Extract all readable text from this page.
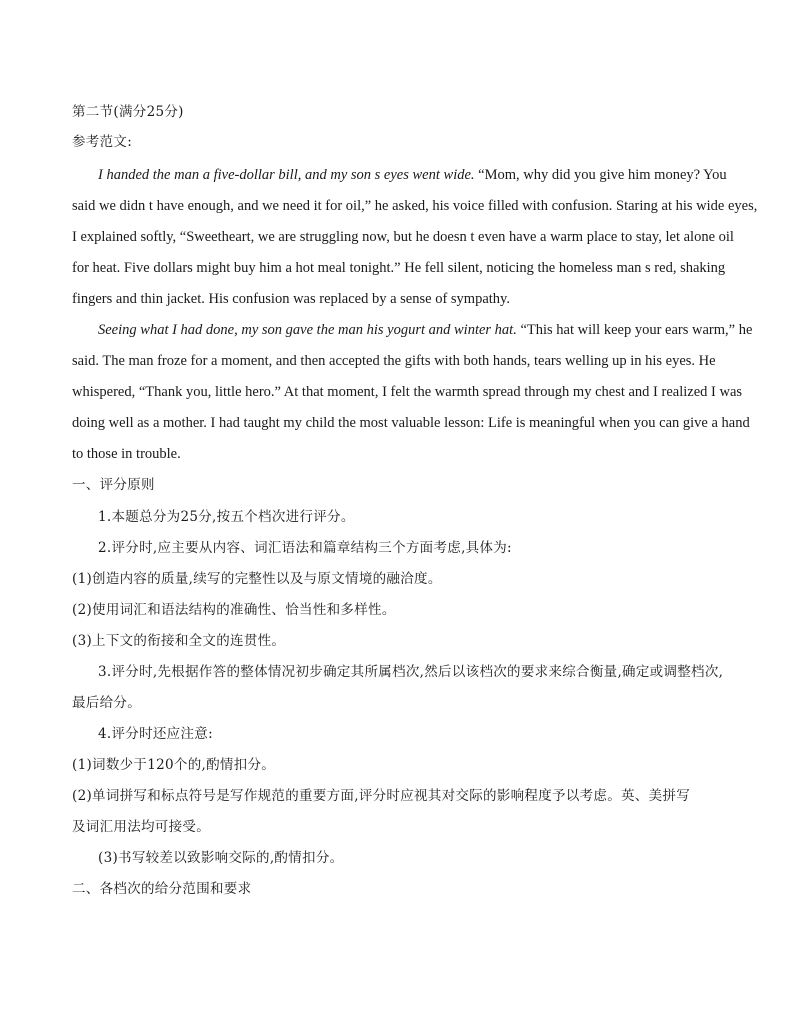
第二节(满分25分)
参考范文:
I handed the man a five-dollar bill, and my son s eyes went wide. “Mom, why did you give him money? You
said we didn t have enough, and we need it for oil,” he asked, his voice filled with confusion. Staring at his wide eyes,
I explained softly, “Sweetheart, we are struggling now, but he doesn t even have a warm place to stay, let alone oil
for heat. Five dollars might buy him a hot meal tonight.” He fell silent, noticing the homeless man s red, shaking
fingers and thin jacket. His confusion was replaced by a sense of sympathy.
Seeing what I had done, my son gave the man his yogurt and winter hat. “This hat will keep your ears warm,” he
said. The man froze for a moment, and then accepted the gifts with both hands, tears welling up in his eyes. He
whispered, “Thank you, little hero.” At that moment, I felt the warmth spread through my chest and I realized I was
doing well as a mother. I had taught my child the most valuable lesson: Life is meaningful when you can give a hand
to those in trouble.
一、评分原则
1.本题总分为25分,按五个档次进行评分。
2.评分时,应主要从内容、词汇语法和篇章结构三个方面考虑,具体为:
(1)创造内容的质量,续写的完整性以及与原文情境的融洽度。
(2)使用词汇和语法结构的准确性、恰当性和多样性。
(3)上下文的衔接和全文的连贯性。
3.评分时,先根据作答的整体情况初步确定其所属档次,然后以该档次的要求来综合衡量,确定或调整档次,
最后给分。
4.评分时还应注意:
(1)词数少于120个的,酌情扣分。
(2)单词拼写和标点符号是写作规范的重要方面,评分时应视其对交际的影响程度予以考虑。英、美拼写
及词汇用法均可接受。
(3)书写较差以致影响交际的,酌情扣分。
二、各档次的给分范围和要求
